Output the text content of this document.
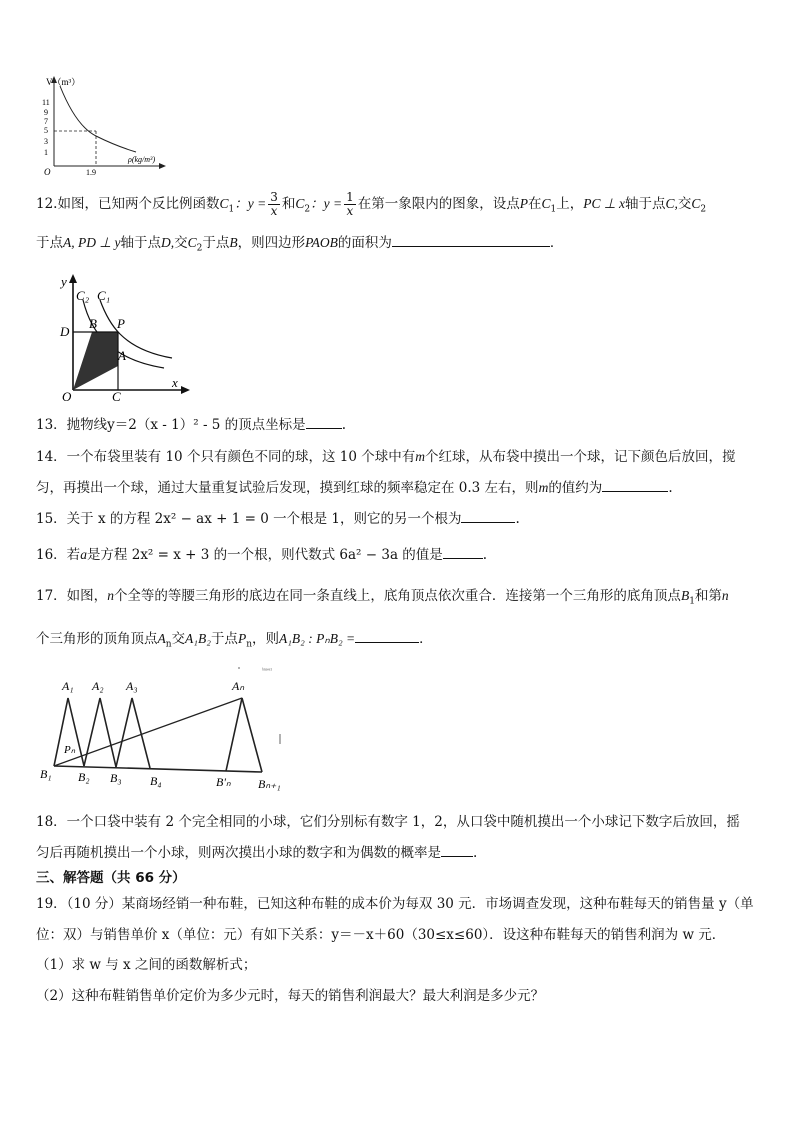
V（m³）
11
9
7
5
3
1
O	1.9
ρ(kg/m³)
12.如图，已知两个反比例函数$C_1$：$y = \frac{3}{x}$ 和$C_2$：$y = \frac{1}{x}$ 在第一象限内的图象，设点P在$C_1$上，PC ⊥ x轴于点C,交$C_2$
于点A, PD ⊥ y轴于点D,交$C_2$于点B，则四边形PAOB的面积为	．
y
C₂ C₁
D
B P
A
O	C
x
13．抛物线y＝2（x - 1）² - 5 的顶点坐标是	.
14．一个布袋里装有 10 个只有颜色不同的球，这 10 个球中有m个红球，从布袋中摸出一个球，记下颜色后放回，搅
匀，再摸出一个球，通过大量重复试验后发现，摸到红球的频率稳定在 0.3 左右，则m的值约为	.
15．关于 x 的方程 2x² − ax + 1 = 0 一个根是 1，则它的另一个根为	.
16．若a是方程 2x² = x + 3 的一个根，则代数式 6a² − 3a 的值是	.
17．如图，n个全等的等腰三角形的底边在同一条直线上，底角顶点依次重合．连接第一个三角形的底角顶点$B_1$和第n
个三角形的顶角顶点$A_n$交A₁B₂于点$P_n$，则A₁B₂ : PₙB₂ =	．
ᵇⁿᵃᵉˢ¹
A₁ A₂ A₃	Aₙ
Pₙ
B₁ B₂ B₃ B₄	B'ₙ Bₙ₊₁
18．一个口袋中装有 2 个完全相同的小球，它们分别标有数字 1，2，从口袋中随机摸出一个小球记下数字后放回，摇
匀后再随机摸出一个小球，则两次摸出小球的数字和为偶数的概率是 .
三、解答题（共 66 分）
19．（10 分）某商场经销一种布鞋，已知这种布鞋的成本价为每双 30 元．市场调查发现，这种布鞋每天的销售量 y（单
位：双）与销售单价 x（单位：元）有如下关系：y＝－x＋60（30≤x≤60）．设这种布鞋每天的销售利润为 w 元．
（1）求 w 与 x 之间的函数解析式；
（2）这种布鞋销售单价定价为多少元时，每天的销售利润最大？最大利润是多少元？
